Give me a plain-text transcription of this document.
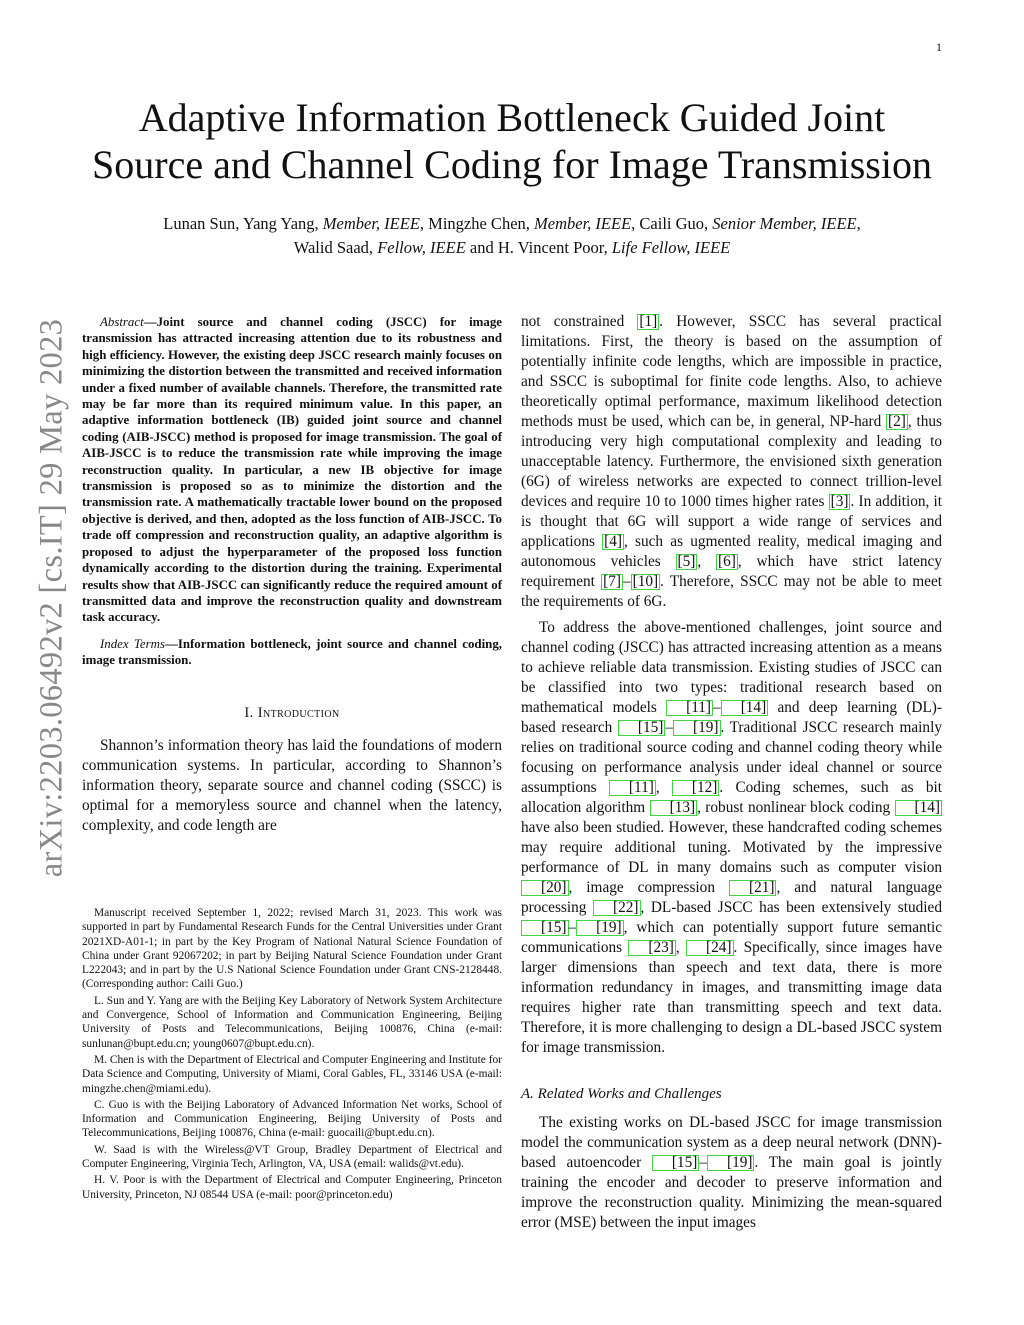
1
Adaptive Information Bottleneck Guided Joint
Source and Channel Coding for Image Transmission
Lunan Sun, Yang Yang, Member, IEEE, Mingzhe Chen, Member, IEEE, Caili Guo, Senior Member, IEEE,
Walid Saad, Fellow, IEEE and H. Vincent Poor, Life Fellow, IEEE
arXiv:2203.06492v2 [cs.IT] 29 May 2023	Abstract—Joint source and channel coding (JSCC) for image transmission has attracted increasing attention due to its robustness and high efficiency. However, the existing deep JSCC research mainly focuses on minimizing the distortion between the transmitted and received information under a fixed number of available channels. Therefore, the transmitted rate may be far more than its required minimum value. In this paper, an adaptive information bottleneck (IB) guided joint source and channel coding (AIB-JSCC) method is proposed for image transmission. The goal of AIB-JSCC is to reduce the transmission rate while improving the image reconstruction quality. In particular, a new IB objective for image transmission is proposed so as to minimize the distortion and the transmission rate. A mathematically tractable lower bound on the proposed objective is derived, and then, adopted as the loss function of AIB-JSCC. To trade off compression and reconstruction quality, an adaptive algorithm is proposed to adjust the hyperparameter of the proposed loss function dynamically according to the distortion during the training. Experimental results show that AIB-JSCC can significantly reduce the required amount of transmitted data and improve the reconstruction quality and downstream task accuracy.

Index Terms—Information bottleneck, joint source and channel coding, image transmission.

I. Introduction

Shannon’s information theory has laid the foundations of modern communication systems. In particular, according to Shannon’s information theory, separate source and channel coding (SSCC) is optimal for a memoryless source and channel when the latency, complexity, and code length are

Manuscript received September 1, 2022; revised March 31, 2023. This work was supported in part by Fundamental Research Funds for the Central Universities under Grant 2021XD-A01-1; in part by the Key Program of National Natural Science Foundation of China under Grant 92067202; in part by Beijing Natural Science Foundation under Grant L222043; and in part by the U.S National Science Foundation under Grant CNS-2128448. (Corresponding author: Caili Guo.)

L. Sun and Y. Yang are with the Beijing Key Laboratory of Network System Architecture and Convergence, School of Information and Communication Engineering, Beijing University of Posts and Telecommunications, Beijing 100876, China (e-mail: sunlunan@bupt.edu.cn; young0607@bupt.edu.cn).

M. Chen is with the Department of Electrical and Computer Engineering and Institute for Data Science and Computing, University of Miami, Coral Gables, FL, 33146 USA (e-mail: mingzhe.chen@miami.edu).

C. Guo is with the Beijing Laboratory of Advanced Information Net works, School of Information and Communication Engineering, Beijing University of Posts and Telecommunications, Beijing 100876, China (e-mail: guocaili@bupt.edu.cn).

W. Saad is with the Wireless@VT Group, Bradley Department of Electrical and Computer Engineering, Virginia Tech, Arlington, VA, USA (email: walids@vt.edu).

H. V. Poor is with the Department of Electrical and Computer Engineering, Princeton University, Princeton, NJ 08544 USA (e-mail: poor@princeton.edu)

not constrained [1] . However, SSCC has several practical limitations. First, the theory is based on the assumption of potentially infinite code lengths, which are impossible in practice, and SSCC is suboptimal for finite code lengths. Also, to achieve theoretically optimal performance, maximum likelihood detection methods must be used, which can be, in general, NP-hard [2] , thus introducing very high computational complexity and leading to unacceptable latency. Furthermore, the envisioned sixth generation (6G) of wireless networks are expected to connect trillion-level devices and require 10 to 1000 times higher rates [3] . In addition, it is thought that 6G will support a wide range of services and applications [4] , such as ugmented reality, medical imaging and autonomous vehicles [5] , [6] , which have strict latency requirement [7] – [10] . Therefore, SSCC may not be able to meet the requirements of 6G.

To address the above-mentioned challenges, joint source and channel coding (JSCC) has attracted increasing attention as a means to achieve reliable data transmission. Existing studies of JSCC can be classified into two types: traditional research based on mathematical models [11] – [14] and deep learning (DL)-based research [15] – [19] . Traditional JSCC research mainly relies on traditional source coding and channel coding theory while focusing on performance analysis under ideal channel or source assumptions [11] , [12] . Coding schemes, such as bit allocation algorithm [13] , robust nonlinear block coding [14] have also been studied. However, these handcrafted coding schemes may require additional tuning. Motivated by the impressive performance of DL in many domains such as computer vision [20] , image compression [21] , and natural language processing [22] , DL-based JSCC has been extensively studied [15] – [19] , which can potentially support future semantic communications [23] , [24] . Specifically, since images have larger dimensions than speech and text data, there is more information redundancy in images, and transmitting image data requires higher rate than transmitting speech and text data. Therefore, it is more challenging to design a DL-based JSCC system for image transmission.

A. Related Works and Challenges

The existing works on DL-based JSCC for image transmission model the communication system as a deep neural network (DNN)-based autoencoder [15] – [19] . The main goal is jointly training the encoder and decoder to preserve information and improve the reconstruction quality. Minimizing the mean-squared error (MSE) between the input images
